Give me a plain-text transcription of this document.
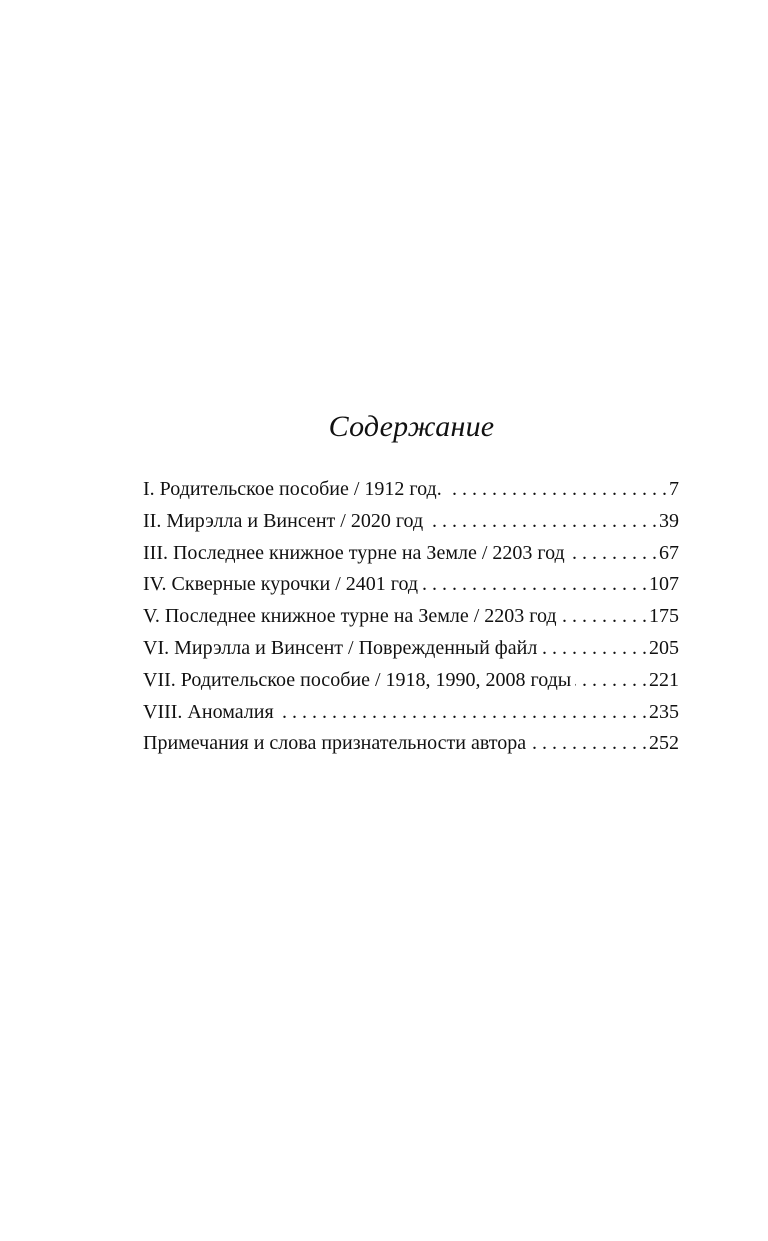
Содержание
I. Родительское пособие / 1912 год. . . .	7
II. Мирэлла и Винсент / 2020 год . . .	39
III. Последнее книжное турне на Земле / 2203 год . . .	67
IV. Скверные курочки / 2401 год . . .	107
V. Последнее книжное турне на Земле / 2203 год . . .	175
VI. Мирэлла и Винсент / Поврежденный файл . . .	205
VII. Родительское пособие / 1918, 1990, 2008 годы . . .	221
VIII. Аномалия . . .	235
Примечания и слова признательности автора . . .	252
